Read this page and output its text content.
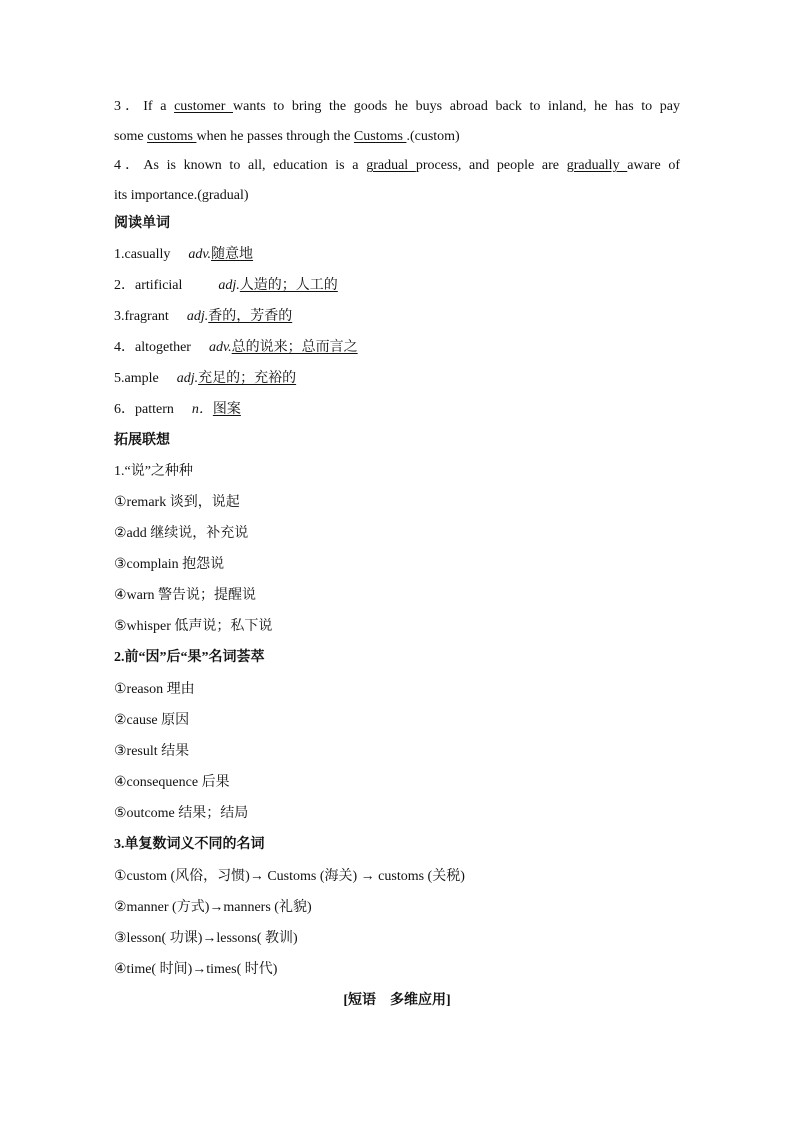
3．If a customer wants to bring the goods he buys abroad back to inland, he has to pay
some customs when he passes through the Customs .(custom)
4．As is known to all, education is a gradual process, and people are gradually aware of
its importance.(gradual)
阅读单词
1.casually adv.随意地
2．artificial	adj.人造的；人工的
3.fragrant adj.香的，芳香的
4．altogether adv.总的说来；总而言之
5.ample adj.充足的；充裕的
6．pattern n．图案
拓展联想
1.“说”之种种
①remark 谈到，说起
②add 继续说，补充说
③complain 抱怨说
④warn 警告说；提醒说
⑤whisper 低声说；私下说
2.前“因”后“果”名词荟萃
①reason 理由
②cause 原因
③result 结果
④consequence 后果
⑤outcome 结果；结局
3.单复数词义不同的名词
①custom (风俗，习惯)→ Customs (海关) → customs (关税)
②manner (方式)→manners (礼貌)
③lesson( 功课)→lessons( 教训)
④time( 时间)→times( 时代)
[短语　多维应用]
